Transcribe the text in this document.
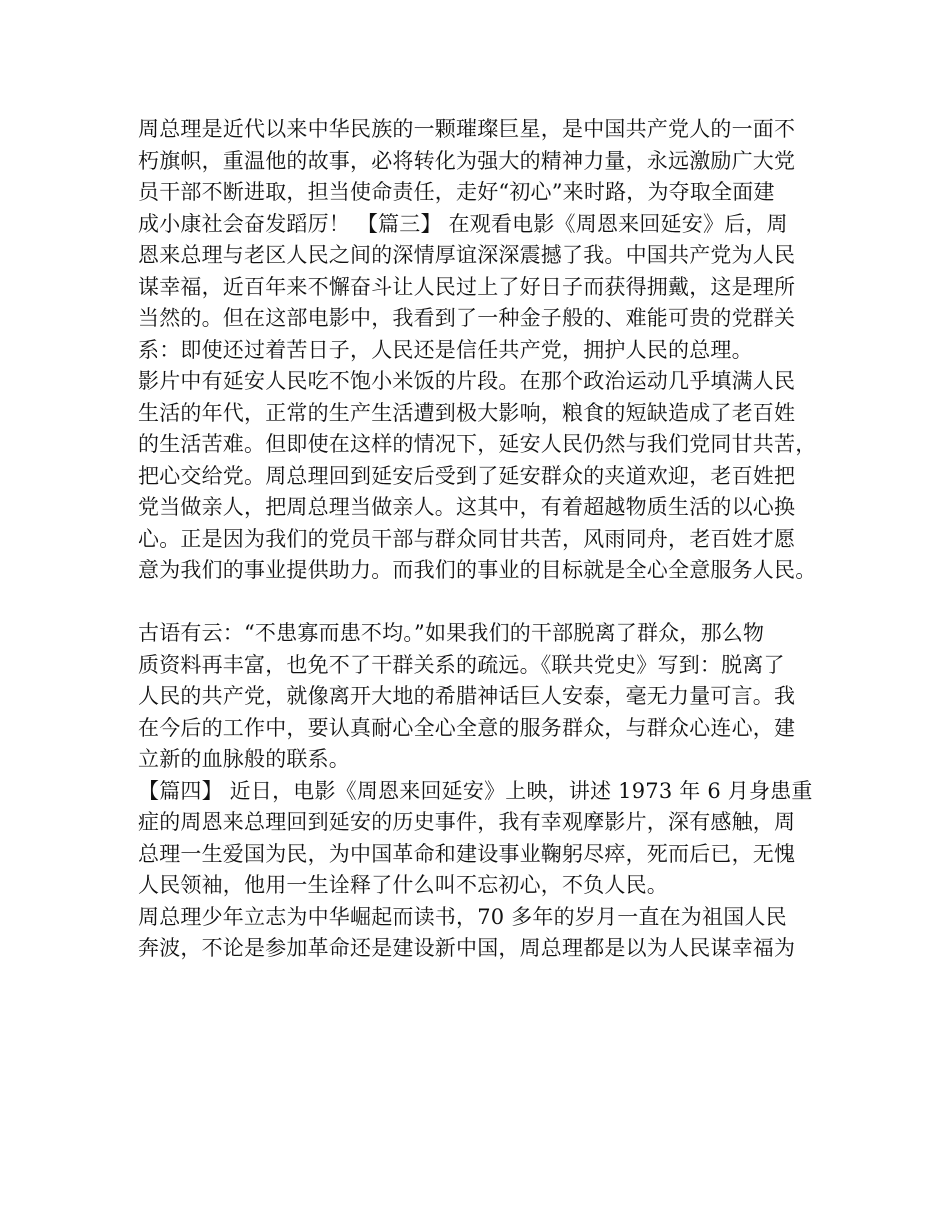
周总理是近代以来中华民族的一颗璀璨巨星，是中国共产党人的一面不
朽旗帜，重温他的故事，必将转化为强大的精神力量，永远激励广大党
员干部不断进取，担当使命责任，走好“初心”来时路，为夺取全面建
成小康社会奋发蹈厉！ 【篇三】 在观看电影《周恩来回延安》后，周
恩来总理与老区人民之间的深情厚谊深深震撼了我。中国共产党为人民
谋幸福，近百年来不懈奋斗让人民过上了好日子而获得拥戴，这是理所
当然的。但在这部电影中，我看到了一种金子般的、难能可贵的党群关
系：即使还过着苦日子，人民还是信任共产党，拥护人民的总理。
影片中有延安人民吃不饱小米饭的片段。在那个政治运动几乎填满人民
生活的年代，正常的生产生活遭到极大影响，粮食的短缺造成了老百姓
的生活苦难。但即使在这样的情况下，延安人民仍然与我们党同甘共苦，
把心交给党。周总理回到延安后受到了延安群众的夹道欢迎，老百姓把
党当做亲人，把周总理当做亲人。这其中，有着超越物质生活的以心换
心。正是因为我们的党员干部与群众同甘共苦，风雨同舟，老百姓才愿
意为我们的事业提供助力。而我们的事业的目标就是全心全意服务人民。
古语有云：“不患寡而患不均。”如果我们的干部脱离了群众，那么物
质资料再丰富，也免不了干群关系的疏远。《联共党史》写到：脱离了
人民的共产党，就像离开大地的希腊神话巨人安泰，毫无力量可言。我
在今后的工作中，要认真耐心全心全意的服务群众，与群众心连心，建
立新的血脉般的联系。
【篇四】 近日，电影《周恩来回延安》上映，讲述 1973 年 6 月身患重
症的周恩来总理回到延安的历史事件，我有幸观摩影片，深有感触，周
总理一生爱国为民，为中国革命和建设事业鞠躬尽瘁，死而后已，无愧
人民领袖，他用一生诠释了什么叫不忘初心，不负人民。
周总理少年立志为中华崛起而读书，70 多年的岁月一直在为祖国人民
奔波，不论是参加革命还是建设新中国，周总理都是以为人民谋幸福为
